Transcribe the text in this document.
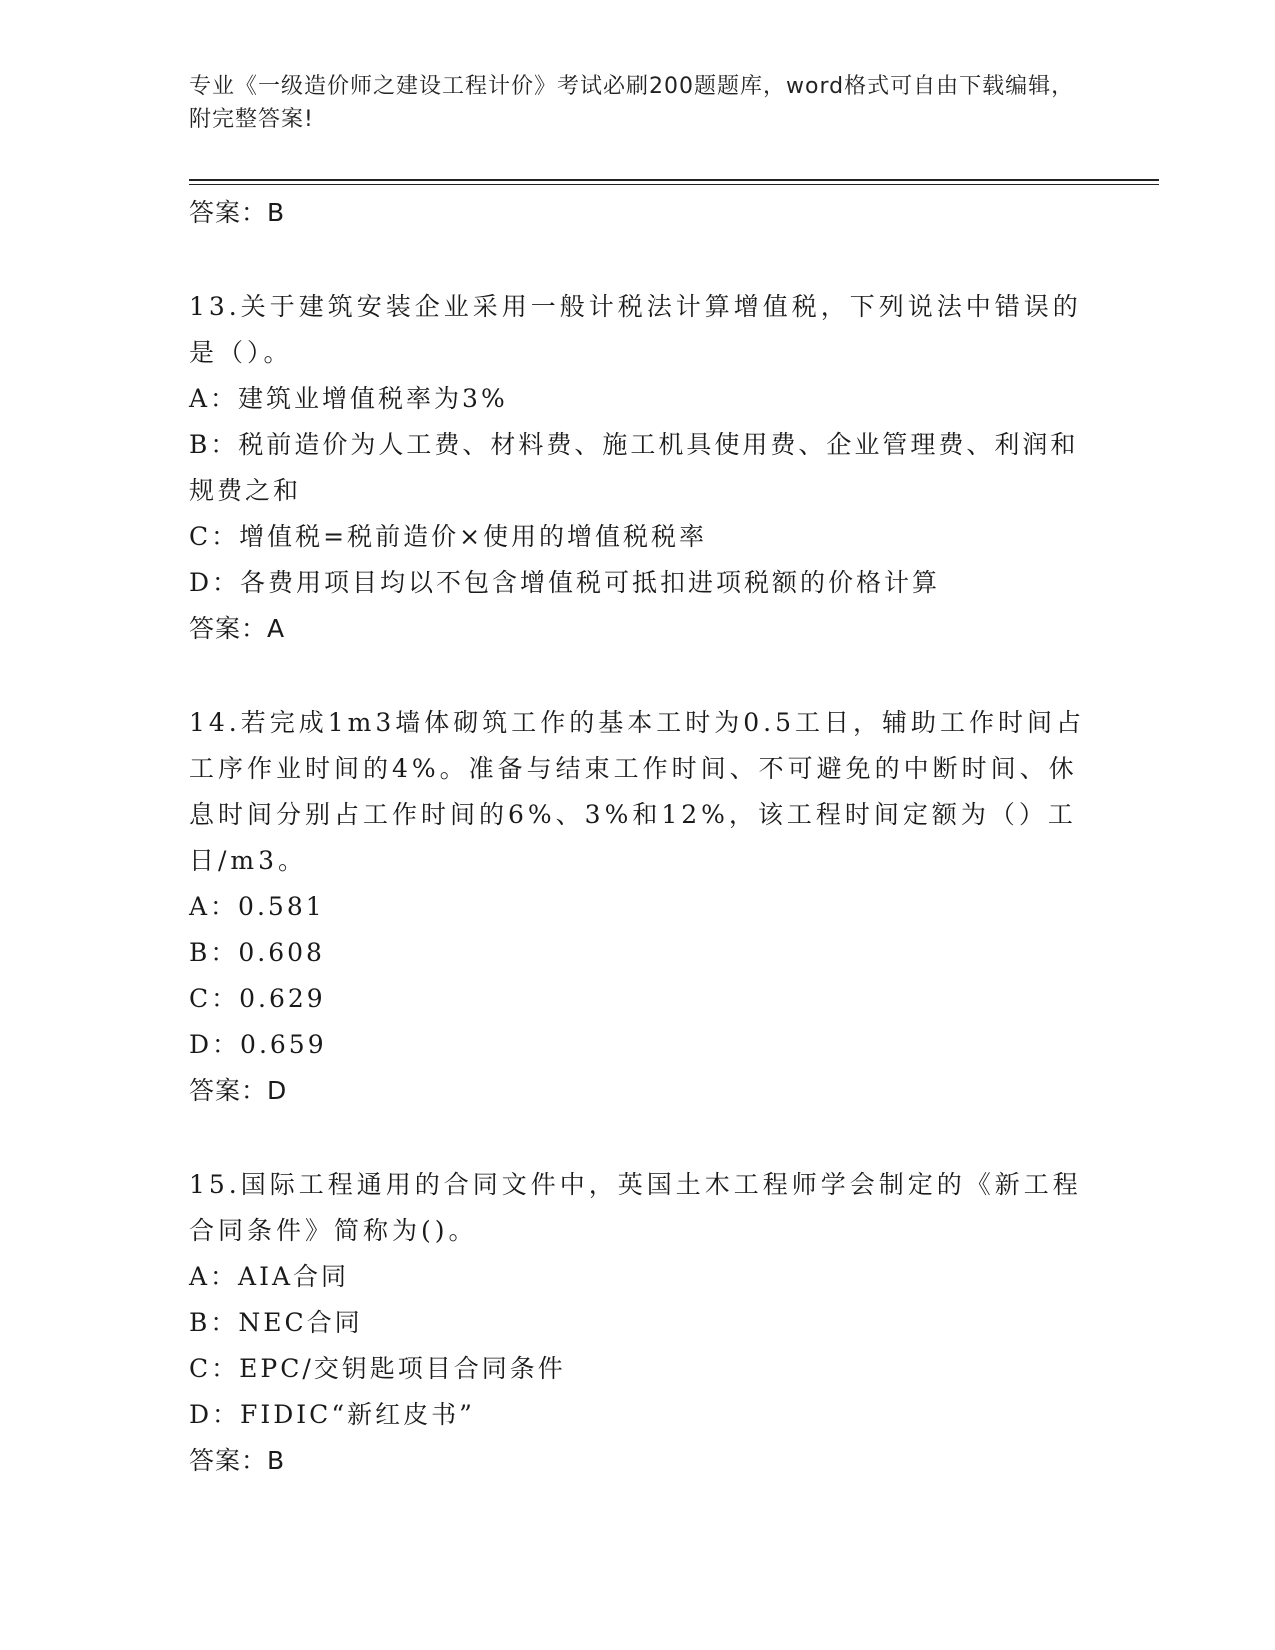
专业《一级造价师之建设工程计价》考试必刷200题题库，word格式可自由下载编辑，附完整答案!
答案：B
13.关于建筑安装企业采用一般计税法计算增值税，下列说法中错误的是（）。
A：建筑业增值税率为3%
B：税前造价为人工费、材料费、施工机具使用费、企业管理费、利润和规费之和
C：增值税=税前造价×使用的增值税税率
D：各费用项目均以不包含增值税可抵扣进项税额的价格计算
答案：A
14.若完成1m3墙体砌筑工作的基本工时为0.5工日，辅助工作时间占工序作业时间的4%。准备与结束工作时间、不可避免的中断时间、休息时间分别占工作时间的6%、3%和12%，该工程时间定额为（）工日/m3。
A：0.581
B：0.608
C：0.629
D：0.659
答案：D
15.国际工程通用的合同文件中，英国土木工程师学会制定的《新工程合同条件》简称为()。
A：AIA合同
B：NEC合同
C：EPC/交钥匙项目合同条件
D：FIDIC“新红皮书”
答案：B
